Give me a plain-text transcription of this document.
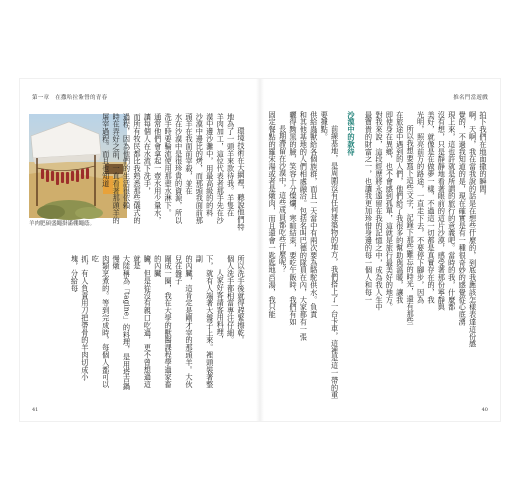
第一章　在撒哈拉紮營的青春
羊肉肥碩盛繩掛滿棚繩蔭。	環境技術在大網裡，聽說他們特地為了一頭羊來款待我。羊隻在

羊肉加工，這位代表者那手先在沙漠中邊沙灘中，用最高級的的料

沙漠中邊比的烤，而那頭我面前那頭羊在我面前宰殺，並在

水在沙漠中是很珍貴的資源，所以洗手時要輪流使用那壺水淋下。

通常他們會拿起一壺水用少量水，讓每個人在水流下洗手，

而所有牧民都比我熟悉那些儀式的過程，因為他們的生活很依賴

時在弄好之前，一直看著那頭羊的屠宰過程。而且也知道

所以洗手後就得趕緊擦乾。

個人洗手都相當專注仔細。

人家好客請客用料理，

下，就有人端著大盤子上來。裡頭裝著整副

的內臟，這肯定是剛才宰的那頭羊。大伙兒在盤子

圍成一圈，我在大學的獸醫課程學過家畜的內臟

臟，但是從沒有親口吃過，更不曾想過這就是

大陸稱為「tagine」的料理，是用塔吉鍋慢燉

肉類烹煮的。等到完成時，每個人都可以吃

抓，有人負責用刀把帶骨的羊肉切成小塊，分給每

41
推名門當遊戲

拍下我們在地面撒的瞬間。

啊，天啊，我在當我說的話是在想些什麼的，到底我應該怎樣表達這份感

覺的，不過我知道的是，現在確實是有一種很奇妙的感覺從心底湧

現上來，這也許就是所謂的旅行的意義吧。當時的我，什麼都

沒有想，只是靜靜地看著眼前的這片沙漠，感受著那份寧靜與

美好，就像是在做夢一樣，不過這一切都是真實存在的，我

光明，照亮前方的路途，一直走下去，不要停下腳步，因為

所以我想要寫下這些文字，記錄下那些難忘的時光，還有那些

在旅途中遇到的人們，他們給了我很多的幫助與溫暖，讓我

即使身在異鄉，也不會感到孤單，這就是旅行最美好的地方。

對我來說，這段經歷將永遠留在我的記憶之中，成為我人生中

最寶貴的財富之一，也讓我更加珍惜身邊的每一個人和每一

沙漠中的款待

前線基地，是周圍沒有任何建築物的地方，我們搭上了一台卡車，這裡是這一帶的重要據點。

供給蟲獸給各個族群，而且一天當中有兩次要為駱駝供水。負責

和其他基地的人們相處融洽。包括名叫巴德的隊員在內，大家都有一張

曬得黝黑的臉，笑容十分燦爛。寒暄結束，要吃午飯時，我們有如

長期滯留在沙漠中，這些成員都吃些什麼呢？

固定餐點的羅宋湯或者是燉肉，而且還會一匙匙地舀湯，我只能

40
